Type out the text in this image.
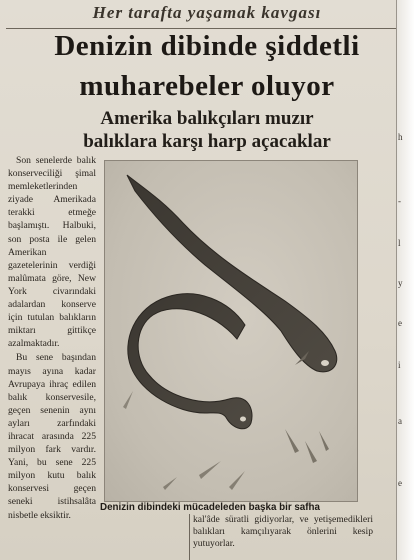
Her tarafta yaşamak kavgası
Denizin dibinde şiddetli
muharebeler oluyor
Amerika balıkçıları muzır
balıklara karşı harp açacaklar

Son senelerde balık konserveciliği şimal memleketlerinden ziyade Amerikada terakki etmeğe başlamıştı. Halbuki, son posta ile gelen Amerikan gazetelerinin verdiği malûmata göre, New York civarındaki adalardan konserve için tutulan balıkların miktarı gittikçe azalmaktadır.

Bu sene başından mayıs ayına kadar Avrupaya ihraç edilen balık konservesile, geçen senenin aynı ayları zarfındaki ihracat arasında 225 milyon fark vardır. Yani, bu sene 225 milyon kutu balık konservesi geçen seneki istihsalâta nisbetle eksiktir.

Denizin dibindeki mücadeleden başka bir safha
kal'âde süratli gidiyorlar, ve yetişemedikleri balıkları kamçılıyarak önlerini kesip yutuyorlar.
h
-
l
y
e
i
a
e
